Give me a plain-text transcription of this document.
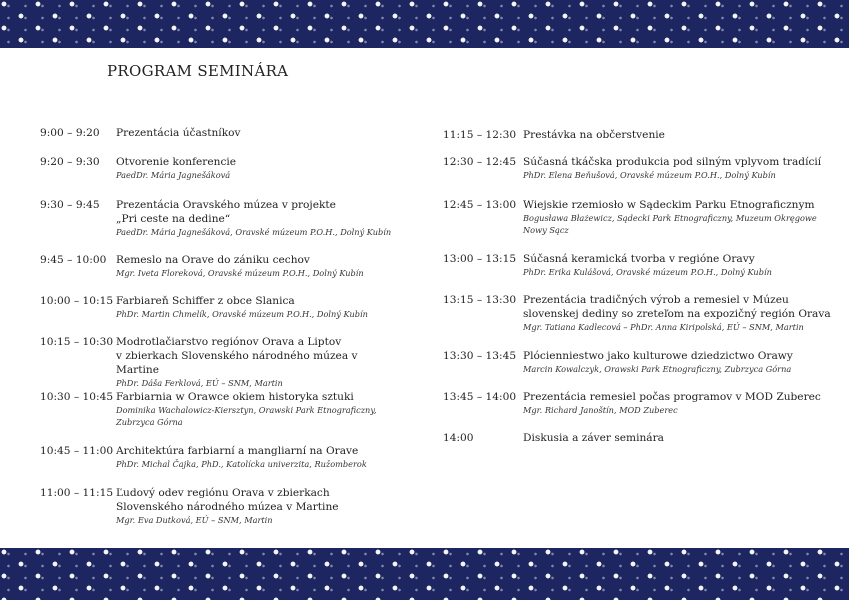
PROGRAM SEMINÁRA
9:00 – 9:20	Prezentácia účastníkov
9:20 – 9:30	Otvorenie konferencie
PaedDr. Mária Jagnešáková
9:30 – 9:45	Prezentácia Oravského múzea v projekte
„Pri ceste na dedine“
PaedDr. Mária Jagnešáková, Oravské múzeum P.O.H., Dolný Kubín
9:45 – 10:00 Remeslo na Orave do zániku cechov
Mgr. Iveta Floreková, Oravské múzeum P.O.H., Dolný Kubín
10:00 – 10:15 Farbiareň Schiffer z obce Slanica
PhDr. Martin Chmelík, Oravské múzeum P.O.H., Dolný Kubín
10:15 – 10:30 Modrotlačiarstvo regiónov Orava a Liptov
v zbierkach Slovenského národného múzea v Martine
PhDr. Dáša Ferklová, EÚ – SNM, Martin
10:30 – 10:45 Farbiarnia w Orawce okiem historyka sztuki
Dominika Wachalowicz-Kiersztyn, Orawski Park Etnograficzny,
Zubrzyca Górna
10:45 – 11:00 Architektúra farbiarní a mangliarní na Orave
PhDr. Michal Čajka, PhD., Katolícka univerzita, Ružomberok
11:00 – 11:15 Ľudový odev regiónu Orava v zbierkach
Slovenského národného múzea v Martine
Mgr. Eva Dutková, EÚ – SNM, Martin
11:15 – 12:30 Prestávka na občerstvenie
12:30 – 12:45 Súčasná tkáčska produkcia pod silným vplyvom tradícií
PhDr. Elena Beňušová, Oravské múzeum P.O.H., Dolný Kubín
12:45 – 13:00 Wiejskie rzemiosło w Sądeckim Parku Etnograficznym
Bogusława Błażewicz, Sądecki Park Etnograficzny, Muzeum Okręgowe
Nowy Sącz
13:00 – 13:15 Súčasná keramická tvorba v regióne Oravy
PhDr. Erika Kulášová, Oravské múzeum P.O.H., Dolný Kubín
13:15 – 13:30 Prezentácia tradičných výrob a remesiel v Múzeu
slovenskej dediny so zreteľom na expozičný región Orava
Mgr. Tatiana Kadlecová – PhDr. Anna Kiripolská, EÚ – SNM, Martin
13:30 – 13:45 Plócienniestwo jako kulturowe dziedzictwo Orawy
Marcin Kowalczyk, Orawski Park Etnograficzny, Zubrzyca Górna
13:45 – 14:00 Prezentácia remesiel počas programov v MOD Zuberec
Mgr. Richard Janoštín, MOD Zuberec
14:00	Diskusia a záver seminára
